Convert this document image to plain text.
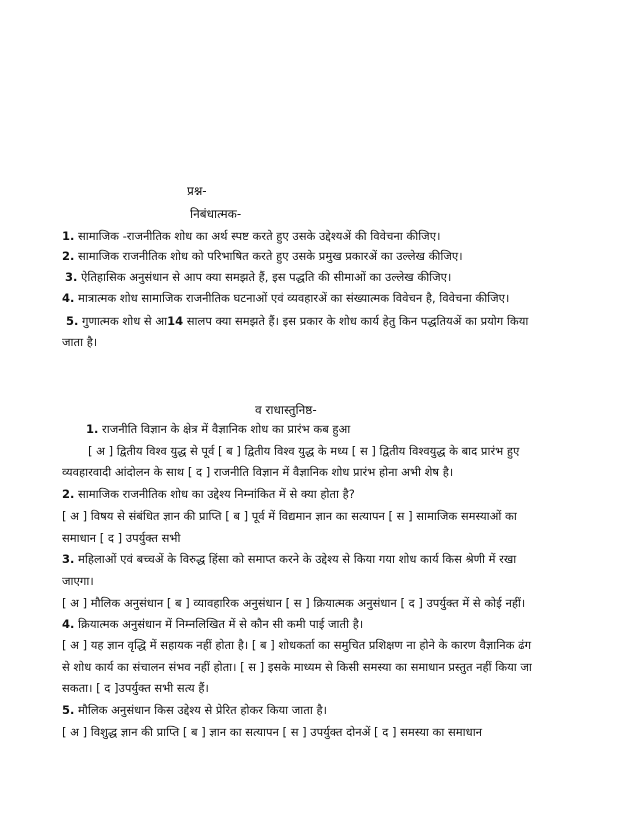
प्रश्न-
निबंधात्मक-
1. सामाजिक -राजनीतिक शोध का अर्थ स्पष्ट करते हुए उसके उद्देश्यअें की विवेचना कीजिए।
2. सामाजिक राजनीतिक शोध को परिभाषित करते हुए उसके प्रमुख प्रकारअें का उल्लेख कीजिए।
3. ऐतिहासिक अनुसंधान से आप क्या समझते हैं, इस पद्धति की सीमाओं का उल्लेख कीजिए।
4. मात्रात्मक शोध सामाजिक राजनीतिक घटनाओं एवं व्यवहारअें का संख्यात्मक विवेचन है, विवेचना कीजिए।
5. गुणात्मक शोध से आ14 सालप क्या समझते हैं। इस प्रकार के शोध कार्य हेतु किन पद्धतियअें का प्रयोग किया
जाता है।
व राधास्तुनिष्ठ-
1. राजनीति विज्ञान के क्षेत्र में वैज्ञानिक शोध का प्रारंभ कब हुआ
[ अ ] द्वितीय विश्व युद्ध से पूर्व [ ब ] द्वितीय विश्व युद्ध के मध्य [ स ] द्वितीय विश्वयुद्ध के बाद प्रारंभ हुए
व्यवहारवादी आंदोलन के साथ [ द ] राजनीति विज्ञान में वैज्ञानिक शोध प्रारंभ होना अभी शेष है।
2. सामाजिक राजनीतिक शोध का उद्देश्य निम्नांकित में से क्या होता है?
[ अ ] विषय से संबंधित ज्ञान की प्राप्ति [ ब ] पूर्व में विद्यमान ज्ञान का सत्यापन [ स ] सामाजिक समस्याओं का
समाधान [ द ] उपर्युक्त सभी
3. महिलाओं एवं बच्चअें के विरुद्ध हिंसा को समाप्त करने के उद्देश्य से किया गया शोध कार्य किस श्रेणी में रखा
जाएगा।
[ अ ] मौलिक अनुसंधान [ ब ] व्यावहारिक अनुसंधान [ स ] क्रियात्मक अनुसंधान [ द ] उपर्युक्त में से कोई नहीं।
4. क्रियात्मक अनुसंधान में निम्नलिखित में से कौन सी कमी पाई जाती है।
[ अ ] यह ज्ञान वृद्धि में सहायक नहीं होता है। [ ब ] शोधकर्ता का समुचित प्रशिक्षण ना होने के कारण वैज्ञानिक ढंग
से शोध कार्य का संचालन संभव नहीं होता। [ स ] इसके माध्यम से किसी समस्या का समाधान प्रस्तुत नहीं किया जा
सकता। [ द ]उपर्युक्त सभी सत्य हैं।
5. मौलिक अनुसंधान किस उद्देश्य से प्रेरित होकर किया जाता है।
[ अ ] विशुद्ध ज्ञान की प्राप्ति [ ब ] ज्ञान का सत्यापन [ स ] उपर्युक्त दोनअें [ द ] समस्या का समाधान
